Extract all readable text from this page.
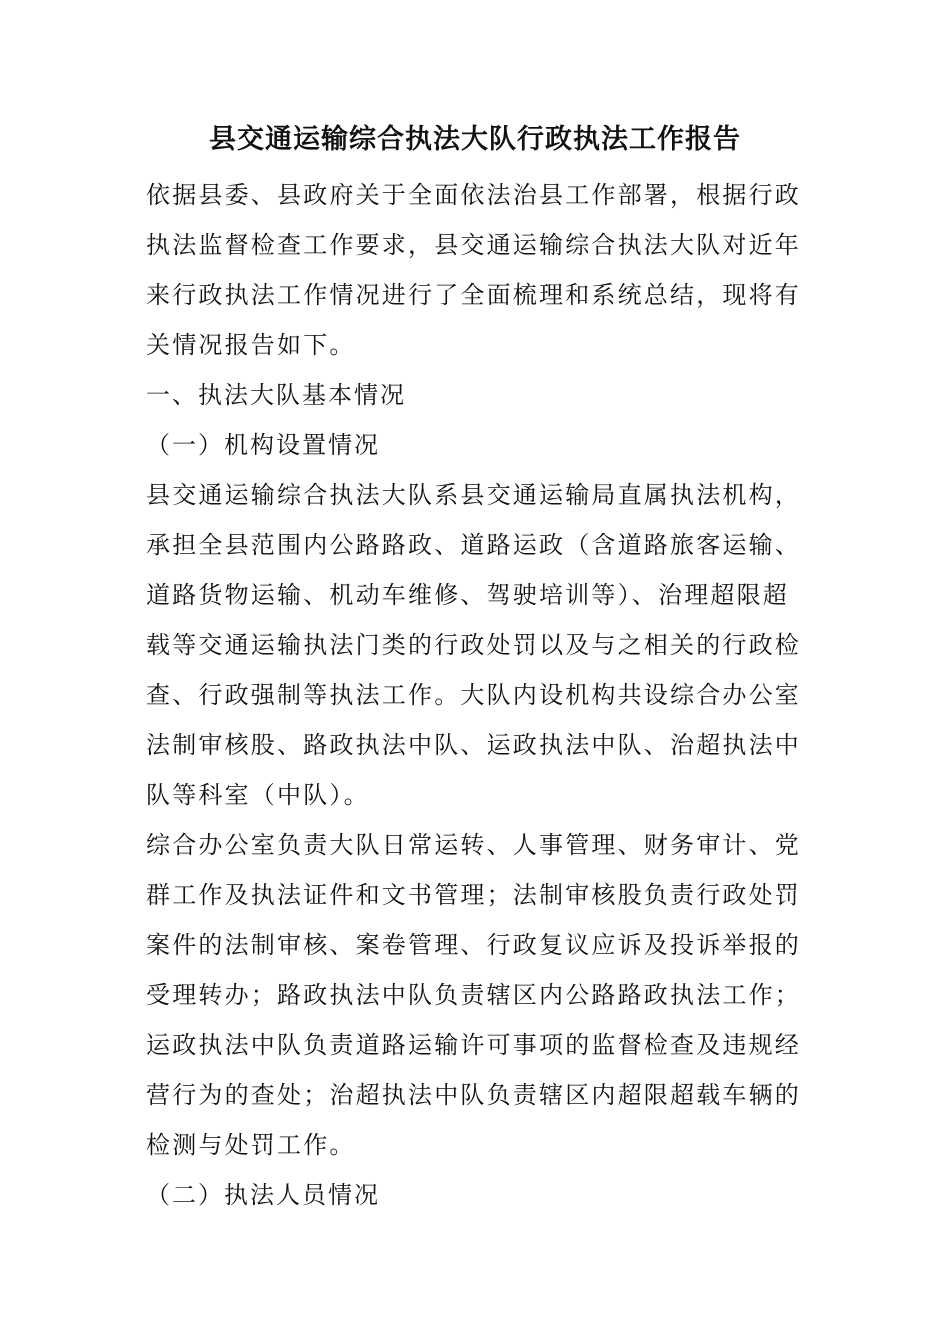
县交通运输综合执法大队行政执法工作报告
依据县委、县政府关于全面依法治县工作部署，根据行政
执法监督检查工作要求，县交通运输综合执法大队对近年
来行政执法工作情况进行了全面梳理和系统总结，现将有
关情况报告如下。
一、执法大队基本情况
（一）机构设置情况
县交通运输综合执法大队系县交通运输局直属执法机构，
承担全县范围内公路路政、道路运政（含道路旅客运输、
道路货物运输、机动车维修、驾驶培训等）、治理超限超
载等交通运输执法门类的行政处罚以及与之相关的行政检
查、行政强制等执法工作。大队内设机构共设综合办公室
法制审核股、路政执法中队、运政执法中队、治超执法中
队等科室（中队）。
综合办公室负责大队日常运转、人事管理、财务审计、党
群工作及执法证件和文书管理；法制审核股负责行政处罚
案件的法制审核、案卷管理、行政复议应诉及投诉举报的
受理转办；路政执法中队负责辖区内公路路政执法工作；
运政执法中队负责道路运输许可事项的监督检查及违规经
营行为的查处；治超执法中队负责辖区内超限超载车辆的
检测与处罚工作。
（二）执法人员情况
